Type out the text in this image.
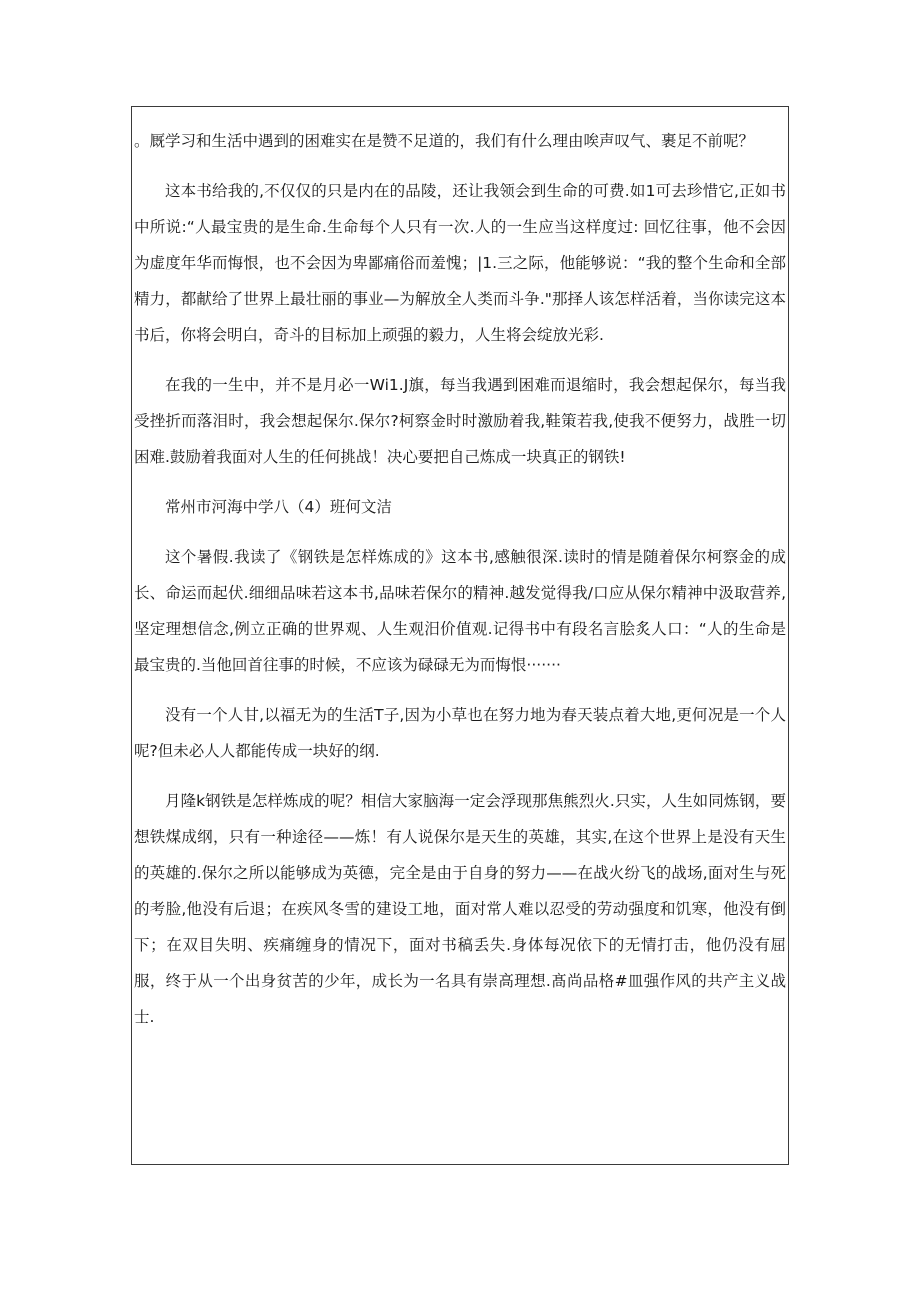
。厩学习和生活中遇到的困难实在是赞不足道的，我们有什么理由唉声叹气、裹足不前呢？

这本书给我的,不仅仅的只是内在的品陵，还让我领会到生命的可费.如1可去珍惜它,正如书中所说:“人最宝贵的是生命.生命每个人只有一次.人的一生应当这样度过: 回忆往事，他不会因为虚度年华而悔恨，也不会因为卑鄙痛俗而羞愧；|1.三之际，他能够说：“我的整个生命和全部精力，都献给了世界上最壮丽的事业—为解放全人类而斗争."那择人该怎样活着，当你读完这本书后，你将会明白，奇斗的目标加上顽强的毅力，人生将会绽放光彩.

在我的一生中，并不是月必一Wi1.J旗，每当我遇到困难而退缩时，我会想起保尔，每当我受挫折而落泪时，我会想起保尔.保尔?柯察金时时激励着我,鞋策若我,使我不便努力，战胜一切困难.鼓励着我面对人生的任何挑战！决心要把自己炼成一块真正的钢铁!

常州市河海中学八（4）班何文洁

这个暑假.我读了《钢铁是怎样炼成的》这本书,感触很深.读时的情是随着保尔柯察金的成长、命运而起伏.细细品味若这本书,品味若保尔的精神.越发觉得我/口应从保尔精神中汲取营养,坚定理想信念,例立正确的世界观、人生观汨价值观.记得书中有段名言脍炙人口：“人的生命是最宝贵的.当他回首往事的时候，不应该为碌碌无为而悔恨·······

没有一个人甘,以福无为的生活T子,因为小草也在努力地为春天装点着大地,更何况是一个人呢?但未必人人都能传成一块好的纲.

月隆k钢铁是怎样炼成的呢？相信大家脑海一定会浮现那焦熊烈火.只实，人生如同炼钢，要想铁煤成纲，只有一种途径——炼！有人说保尔是天生的英雄，其实,在这个世界上是没有天生的英雄的.保尔之所以能够成为英德，完全是由于自身的努力——在战火纷飞的战场,面对生与死的考脸,他没有后退；在疾风冬雪的建设工地，面对常人难以忍受的劳动强度和饥寒，他没有倒下；在双目失明、疾痛缠身的情况下，面对书稿丢失.身体每况依下的无情打击，他仍没有屈服，终于从一个出身贫苦的少年，成长为一名具有崇高理想.髙尚品格#皿强作风的共产主义战士.
